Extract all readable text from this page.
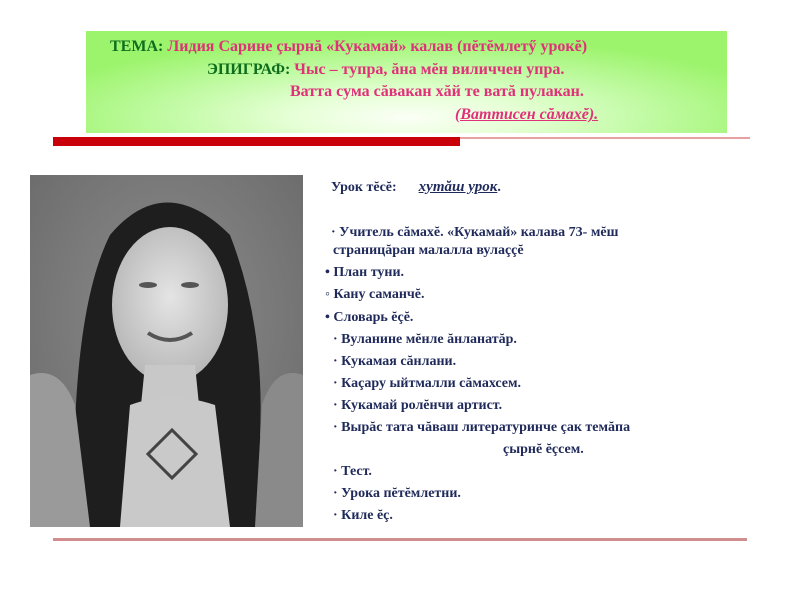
ТЕМА: Лидия Сарине çырнă «Кукамай» калав (пĕтĕмлетӳ урокĕ)
ЭПИГРАФ: Чыс – тупра, ăна мĕн виличчен упра.
Ватта сума сăвакан хăй те ватă пулакан.
(Ваттисен сăмахĕ).
Урок тĕсĕ: хутăш урок.
· Учитель сăмахĕ. «Кукамай» калава 73- мĕш
страницăран малалла вулаççĕ
• План туни.
◦ Кану саманчĕ.
• Словарь ĕçĕ.
· Вуланине мĕнле ăнланатăр.
· Кукамая сăнлани.
· Каçару ыйтмалли сăмахсем.
· Кукамай ролĕнчи артист.
· Вырăс тата чăваш литературинче çак темăпа
çырнĕ ĕçсем.
· Тест.
· Урока пĕтĕмлетни.
· Киле ĕç.
